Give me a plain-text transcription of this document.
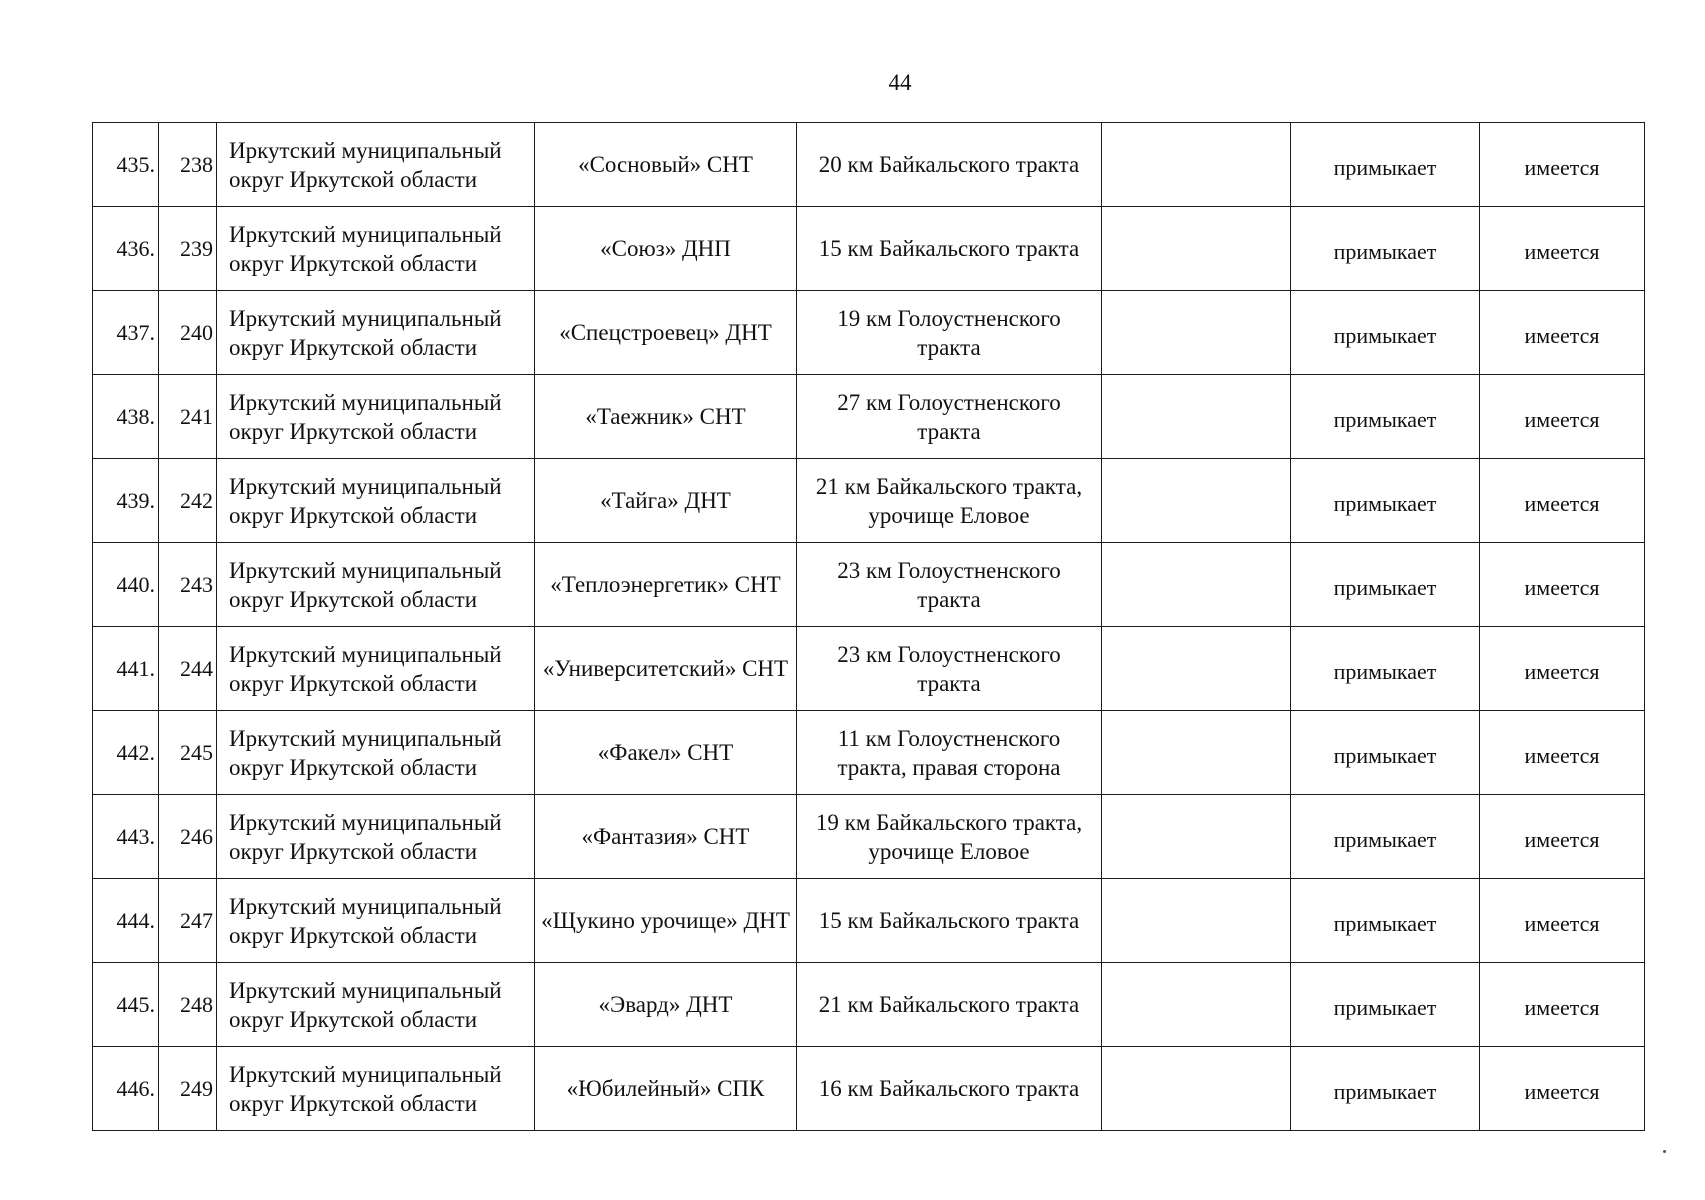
44
435.	238	Иркутский муниципальный округ Иркутской области	«Сосновый» СНТ	20 км Байкальского тракта		примыкает	имеется
436.	239	Иркутский муниципальный округ Иркутской области	«Союз» ДНП	15 км Байкальского тракта		примыкает	имеется
437.	240	Иркутский муниципальный округ Иркутской области	«Спецстроевец» ДНТ	19 км Голоустненского тракта		примыкает	имеется
438.	241	Иркутский муниципальный округ Иркутской области	«Таежник» СНТ	27 км Голоустненского тракта		примыкает	имеется
439.	242	Иркутский муниципальный округ Иркутской области	«Тайга» ДНТ	21 км Байкальского тракта, урочище Еловое		примыкает	имеется
440.	243	Иркутский муниципальный округ Иркутской области	«Теплоэнергетик» СНТ	23 км Голоустненского тракта		примыкает	имеется
441.	244	Иркутский муниципальный округ Иркутской области	«Университетский» СНТ	23 км Голоустненского тракта		примыкает	имеется
442.	245	Иркутский муниципальный округ Иркутской области	«Факел» СНТ	11 км Голоустненского тракта, правая сторона		примыкает	имеется
443.	246	Иркутский муниципальный округ Иркутской области	«Фантазия» СНТ	19 км Байкальского тракта, урочище Еловое		примыкает	имеется
444.	247	Иркутский муниципальный округ Иркутской области	«Щукино урочище» ДНТ	15 км Байкальского тракта		примыкает	имеется
445.	248	Иркутский муниципальный округ Иркутской области	«Эвард» ДНТ	21 км Байкальского тракта		примыкает	имеется
446.	249	Иркутский муниципальный округ Иркутской области	«Юбилейный» СПК	16 км Байкальского тракта		примыкает	имеется
